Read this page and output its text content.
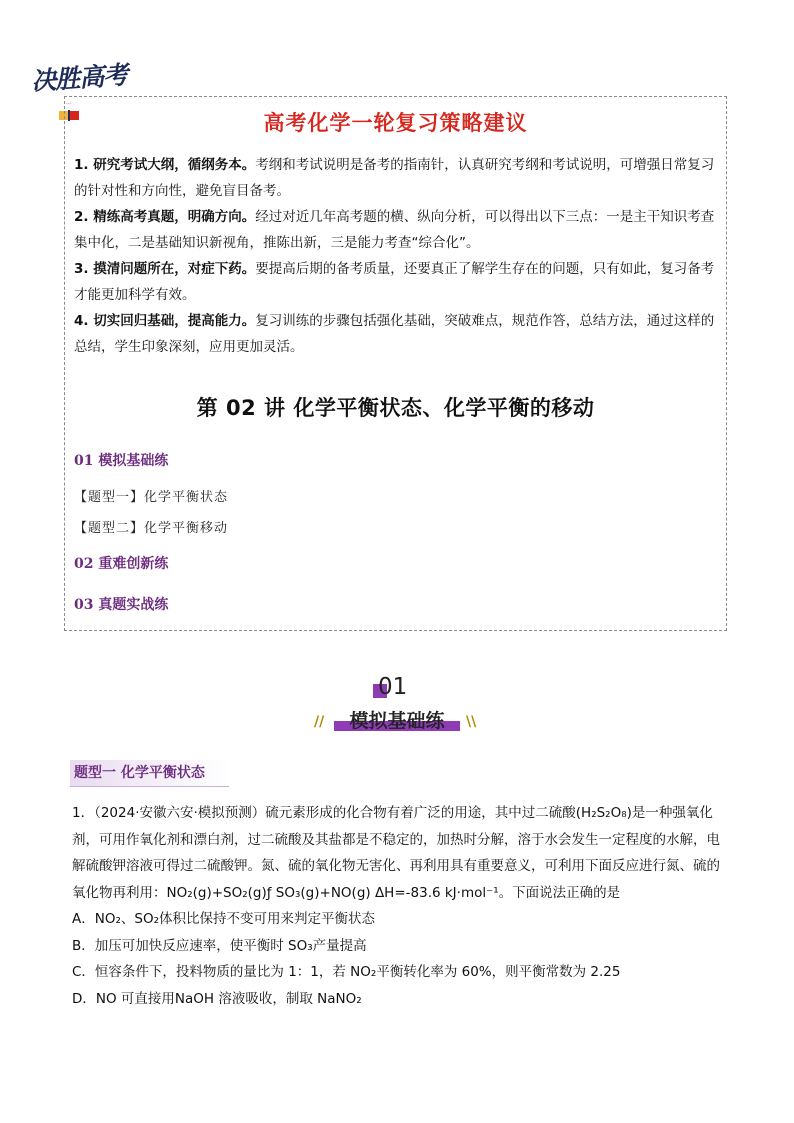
决胜高考
…
高考化学一轮复习策略建议

1. 研究考试大纲，循纲务本。考纲和考试说明是备考的指南针，认真研究考纲和考试说明，可增强日常复习的针对性和方向性，避免盲目备考。

2. 精练高考真题，明确方向。经过对近几年高考题的横、纵向分析，可以得出以下三点：一是主干知识考查集中化，二是基础知识新视角，推陈出新，三是能力考查“综合化”。

3. 摸清问题所在，对症下药。要提高后期的备考质量，还要真正了解学生存在的问题，只有如此，复习备考才能更加科学有效。

4. 切实回归基础，提高能力。复习训练的步骤包括强化基础，突破难点，规范作答，总结方法，通过这样的总结，学生印象深刻，应用更加灵活。

第 02 讲 化学平衡状态、化学平衡的移动
01 模拟基础练
【题型一】化学平衡状态
【题型二】化学平衡移动
02 重难创新练
03 真题实战练
01
模拟基础练
//	\\
题型一 化学平衡状态

1．（2024·安徽六安·模拟预测）硫元素形成的化合物有着广泛的用途，其中过二硫酸(H₂S₂O₈)是一种强氧化剂，可用作氧化剂和漂白剂，过二硫酸及其盐都是不稳定的，加热时分解，溶于水会发生一定程度的水解，电解硫酸钾溶液可得过二硫酸钾。氮、硫的氧化物无害化、再利用具有重要意义，可利用下面反应进行氮、硫的氧化物再利用：NO₂(g)+SO₂(g)ƒ SO₃(g)+NO(g) ΔH=-83.6 kJ·mol⁻¹。下面说法正确的是

A．NO₂、SO₂体积比保持不变可用来判定平衡状态

B．加压可加快反应速率，使平衡时 SO₃产量提高

C．恒容条件下，投料物质的量比为 1：1，若 NO₂平衡转化率为 60%，则平衡常数为 2.25

D．NO 可直接用NaOH 溶液吸收，制取 NaNO₂
